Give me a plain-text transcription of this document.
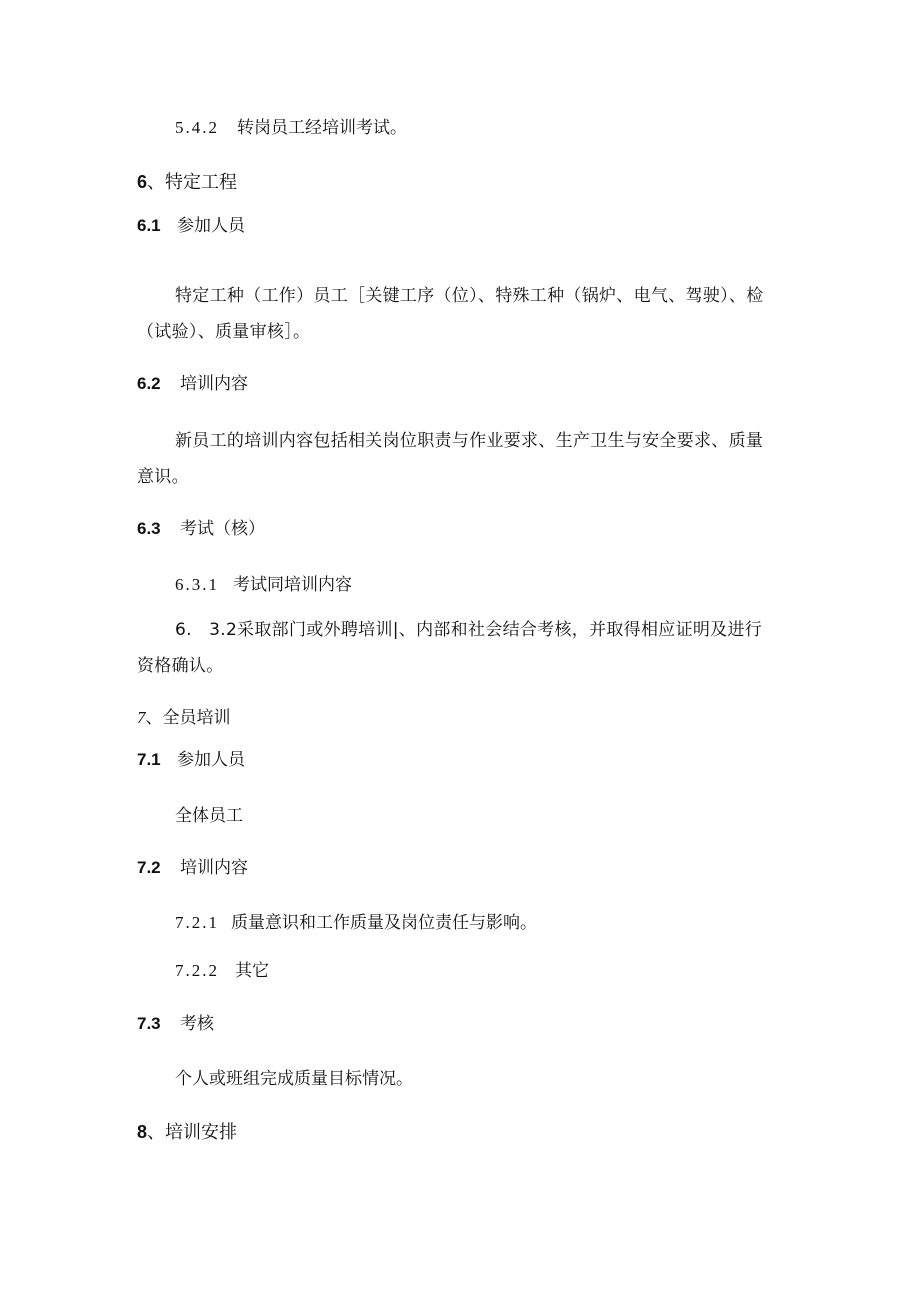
5.4.2 转岗员工经培训考试。
6、特定工程
6.1 参加人员

特定工种（工作）员工［关键工序（位）、特殊工种（锅炉、电气、驾驶）、检（试验）、质量审核］。

6.2 培训内容

新员工的培训内容包括相关岗位职责与作业要求、生产卫生与安全要求、质量意识。

6.3 考试（核）
6.3.1 考试同培训内容

6.　3.2采取部门或外聘培训|、内部和社会结合考核，并取得相应证明及进行资格确认。

7、全员培训
7.1 参加人员
全体员工
7.2 培训内容
7.2.1 质量意识和工作质量及岗位责任与影响。
7.2.2 其它
7.3 考核
个人或班组完成质量目标情况。
8、培训安排
